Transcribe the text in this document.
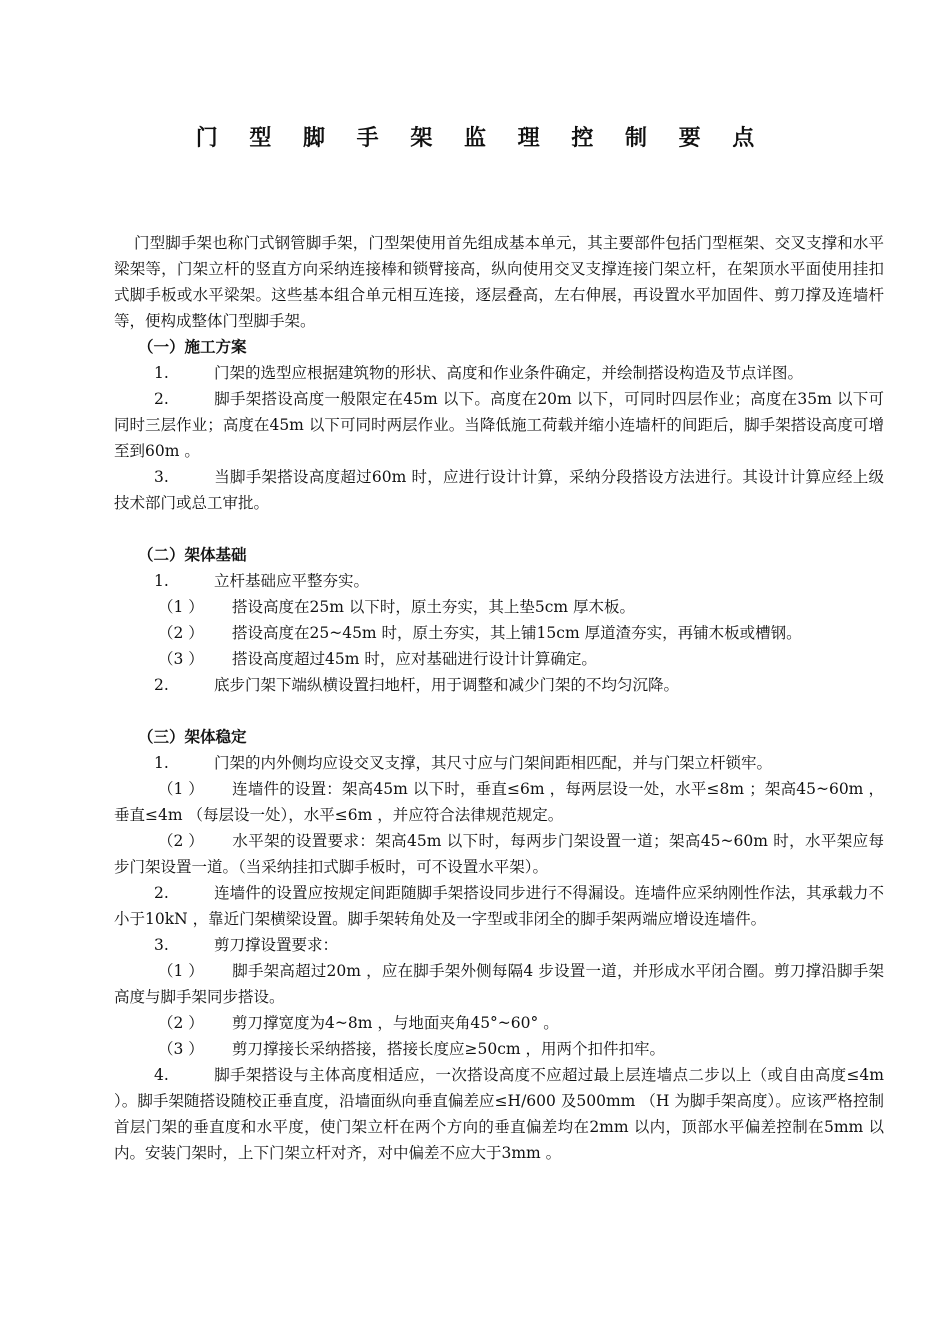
门 型 脚 手 架 监 理 控 制 要 点

门型脚手架也称门式钢管脚手架，门型架使用首先组成基本单元，其主要部件包括门型框架、交叉支撑和水平梁架等，门架立杆的竖直方向采纳连接棒和锁臂接高，纵向使用交叉支撑连接门架立杆，在架顶水平面使用挂扣式脚手板或水平梁架。这些基本组合单元相互连接，逐层叠高，左右伸展，再设置水平加固件、剪刀撑及连墙杆等，便构成整体门型脚手架。

（一）施工方案

1.	门架的选型应根据建筑物的形状、高度和作业条件确定，并绘制搭设构造及节点详图。

2.	脚手架搭设高度一般限定在45m 以下。高度在20m 以下，可同时四层作业；高度在35m 以下可同时三层作业；高度在45m 以下可同时两层作业。当降低施工荷载并缩小连墙杆的间距后，脚手架搭设高度可增至到60m 。

3.	当脚手架搭设高度超过60m 时，应进行设计计算，采纳分段搭设方法进行。其设计计算应经上级技术部门或总工审批。

（二）架体基础

1.	立杆基础应平整夯实。

（1 ） 搭设高度在25m 以下时，原土夯实，其上垫5cm 厚木板。

（2 ） 搭设高度在25~45m 时，原土夯实，其上铺15cm 厚道渣夯实，再铺木板或槽钢。

（3 ） 搭设高度超过45m 时，应对基础进行设计计算确定。

2.	底步门架下端纵横设置扫地杆，用于调整和减少门架的不均匀沉降。

（三）架体稳定

1.	门架的内外侧均应设交叉支撑，其尺寸应与门架间距相匹配，并与门架立杆锁牢。

（1 ） 连墙件的设置：架高45m 以下时，垂直≤6m ，每两层设一处，水平≤8m ；架高45~60m ，垂直≤4m （每层设一处），水平≤6m ，并应符合法律规范规定。

（2 ） 水平架的设置要求：架高45m 以下时，每两步门架设置一道；架高45~60m 时，水平架应每步门架设置一道。（当采纳挂扣式脚手板时，可不设置水平架）。

2.	连墙件的设置应按规定间距随脚手架搭设同步进行不得漏设。连墙件应采纳刚性作法，其承载力不小于10kN ，靠近门架横梁设置。脚手架转角处及一字型或非闭全的脚手架两端应增设连墙件。

3.	剪刀撑设置要求：

（1 ） 脚手架高超过20m ，应在脚手架外侧每隔4 步设置一道，并形成水平闭合圈。剪刀撑沿脚手架高度与脚手架同步搭设。

（2 ） 剪刀撑宽度为4~8m ，与地面夹角45°~60° 。

（3 ） 剪刀撑接长采纳搭接，搭接长度应≥50cm ，用两个扣件扣牢。

4.	脚手架搭设与主体高度相适应，一次搭设高度不应超过最上层连墙点二步以上（或自由高度≤4m ）。脚手架随搭设随校正垂直度，沿墙面纵向垂直偏差应≤H/600 及500mm （H 为脚手架高度）。应该严格控制首层门架的垂直度和水平度，使门架立杆在两个方向的垂直偏差均在2mm 以内，顶部水平偏差控制在5mm 以内。安装门架时，上下门架立杆对齐，对中偏差不应大于3mm 。
